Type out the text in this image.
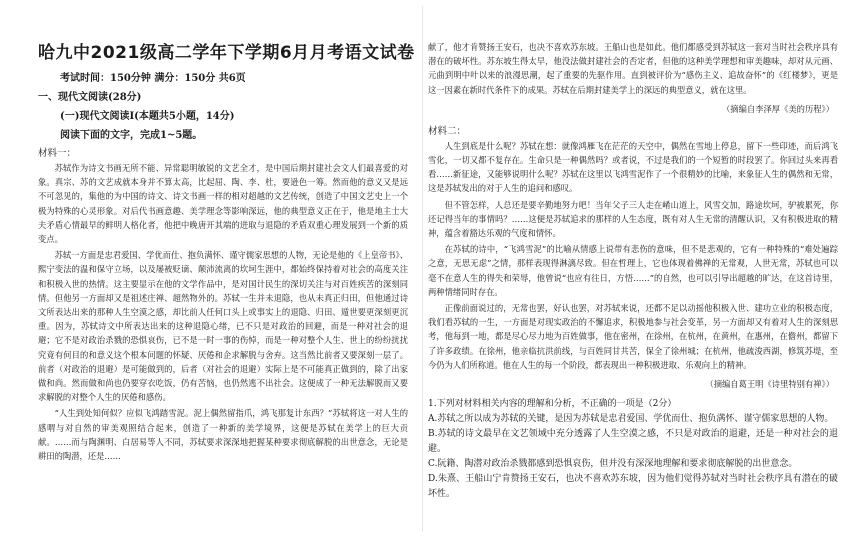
哈九中2021级高二学年下学期6月月考语文试卷
考试时间：150分钟 满分：150分 共6页
一、现代文阅读(28分)
(一)现代文阅读Ⅰ(本题共5小题，14分)
阅读下面的文字，完成1~5题。
材料一：

苏轼作为诗文书画无所不能、异常聪明敏锐的文艺全才，是中国后期封建社会文人们最喜爱的对象。真宗、苏的文艺成就本身并不算太高，比起屈、陶、李、杜，要逊色一筹。然而他的意义又是远不可忽见的，集他的为中国的诗文、诗文书画一样的相对超越的文艺传统，创造了中国文艺史上一个极为特殊的心灵形象。对后代书画意趣、美学理念等影响深远，他的典型意义正在于，他是地主士大夫矛盾心情最早的鲜明人格化者，他把中晚唐开其端的进取与退隐的矛盾双重心理发展到一个新的质变点。

苏轼一方面是忠君爱国、学优而仕、抱负满怀、谨守儒家思想的人物，无论是他的《上皇帝书》、熙宁变法的温和保守立场，以及屡被贬谪、颠沛流离的坎坷生涯中，都始终保持着对社会的高度关注和积极入世的热情。这主要显示在他的文学作品中，是对国计民生的深切关注与对百姓疾苦的深刻同情。但他另一方面却又是祖述庄禅、超然物外的。苏轼一生并未退隐，也从未真正归田，但他通过诗文所表达出来的那种人生空漠之感，却比前人任何口头上或事实上的退隐、归田、遁世要更深刻更沉重。因为，苏轼诗文中所表达出来的这种退隐心绪，已不只是对政治的回避，而是一种对社会的退避；它不是对政治杀戮的恐惧哀伤，已不是一时一事的伤悼，而是一种对整个人生、世上的纷纷扰扰究竟有何目的和意义这个根本问题的怀疑、厌倦和企求解脱与舍弃。这当然比前者又要深刻一层了。前者（对政治的退避）是可能做到的，后者（对社会的退避）实际上是不可能真正做到的，除了出家做和尚。然而做和尚也仍要穿衣吃饭，仍有苦恼，也仍然逃不出社会。这便成了一种无法解脱而又要求解脱的对整个人生的厌倦和感伤。

“人生到处知何似？应似飞鸿踏雪泥。泥上偶然留指爪，鸿飞那复计东西？”苏轼将这一对人生的感喟与对自然的审美观照结合起来，创造了一种新的美学境界，这便是苏轼在美学上的巨大贡献。……而与陶渊明、白居易等人不同，苏轼要求深深地把握某种要求彻底解脱的出世意念，无论是耕田的陶潜，还是……

献了，他才肯赞扬王安石，也决不喜欢苏东坡。王船山也是如此。他们都感受到苏轼这一套对当时社会秩序具有潜在的破坏性。苏东坡生得太早，他没法做封建社会的否定者，但他的这种美学理想和审美趣味，却对从元画、元曲到明中叶以来的浪漫思潮，起了重要的先驱作用。直到被评价为“感伤主义、追故奋怀”的《红楼梦》，更是这一因素在新时代条件下的成果。苏轼在后期封建美学上的深远的典型意义，就在这里。

（摘编自李泽厚《美的历程》）
材料二：

人生到底是什么呢？苏轼在想：就像鸿雁飞在茫茫的天空中，偶然在雪地上停息，留下一些印迹，而后鸿飞雪化，一切又都不复存在。生命只是一种偶然吗？或者说，不过是我们的一个短暂的时段罢了。你回过头来再看看……新征途，又能够说明什么呢？苏轼在这里以飞鸿雪泥作了一个很精妙的比喻，来象征人生的偶然和无常，这是苏轼发出的对于人生的追问和感叹。

但不管怎样，人总还是要辛勤地努力吧！当年父子三人走在崤山道上，风雪交加，路途坎坷，驴被累死，你还记得当年的事情吗？……这便是苏轼追求的那样的人生态度，既有对人生无常的清醒认识，又有积极进取的精神，蕴含着豁达乐观的气度和情怀。

在苏轼的诗中，“飞鸿雪泥”的比喻从情感上说带有悲伤的意味，但不是悲观的，它有一种特殊的“难处遍踪之意，无思无虑”之情，那样表现得淋漓尽致。但在哲理上，它也体现着佛禅的无常观，人世无常，苏轼也可以毫不在意人生的得失和荣辱，他曾说“也应有往日，方悟……”的自然，也可以引导出超越的旷达，在这首诗里，两种情绪同时存在。

正像前面说过的，无常也罢，好认也罢，对苏轼来说，还都不足以动摇他积极入世、建功立业的积极态度，我们看苏轼的一生，一方面是对现实政治的不懈追求，积极地参与社会变革，另一方面却又有着对人生的深刻思考，他每到一地，都是尽心尽力地为百姓做事，他在密州，在徐州，在杭州，在黄州，在惠州，在儋州，都留下了许多政绩。在徐州，他亲临抗洪前线，与百姓同甘共苦，保全了徐州城；在杭州，他疏浚西湖，修筑苏堤，至今仍为人们所称道。他在人生的每一个阶段，都表现出一种积极进取、乐观向上的精神。

（摘编自葛王明《诗里特别有禅》）
1.下列对材料相关内容的理解和分析，不正确的一项是（2分）

A.苏轼之所以成为苏轼的关键，是因为苏轼是忠君爱国、学优而仕、抱负满怀、谨守儒家思想的人物。

B.苏轼的诗文最早在文艺领域中充分透露了人生空漠之感，不只是对政治的退避，还是一种对社会的退避。

C.阮籍、陶潜对政治杀戮都感到恐惧哀伤，但并没有深深地理解和要求彻底解脱的出世意念。

D.朱熹、王船山宁肯赞扬王安石，也决不喜欢苏东坡，因为他们觉得苏轼对当时社会秩序具有潜在的破坏性。
